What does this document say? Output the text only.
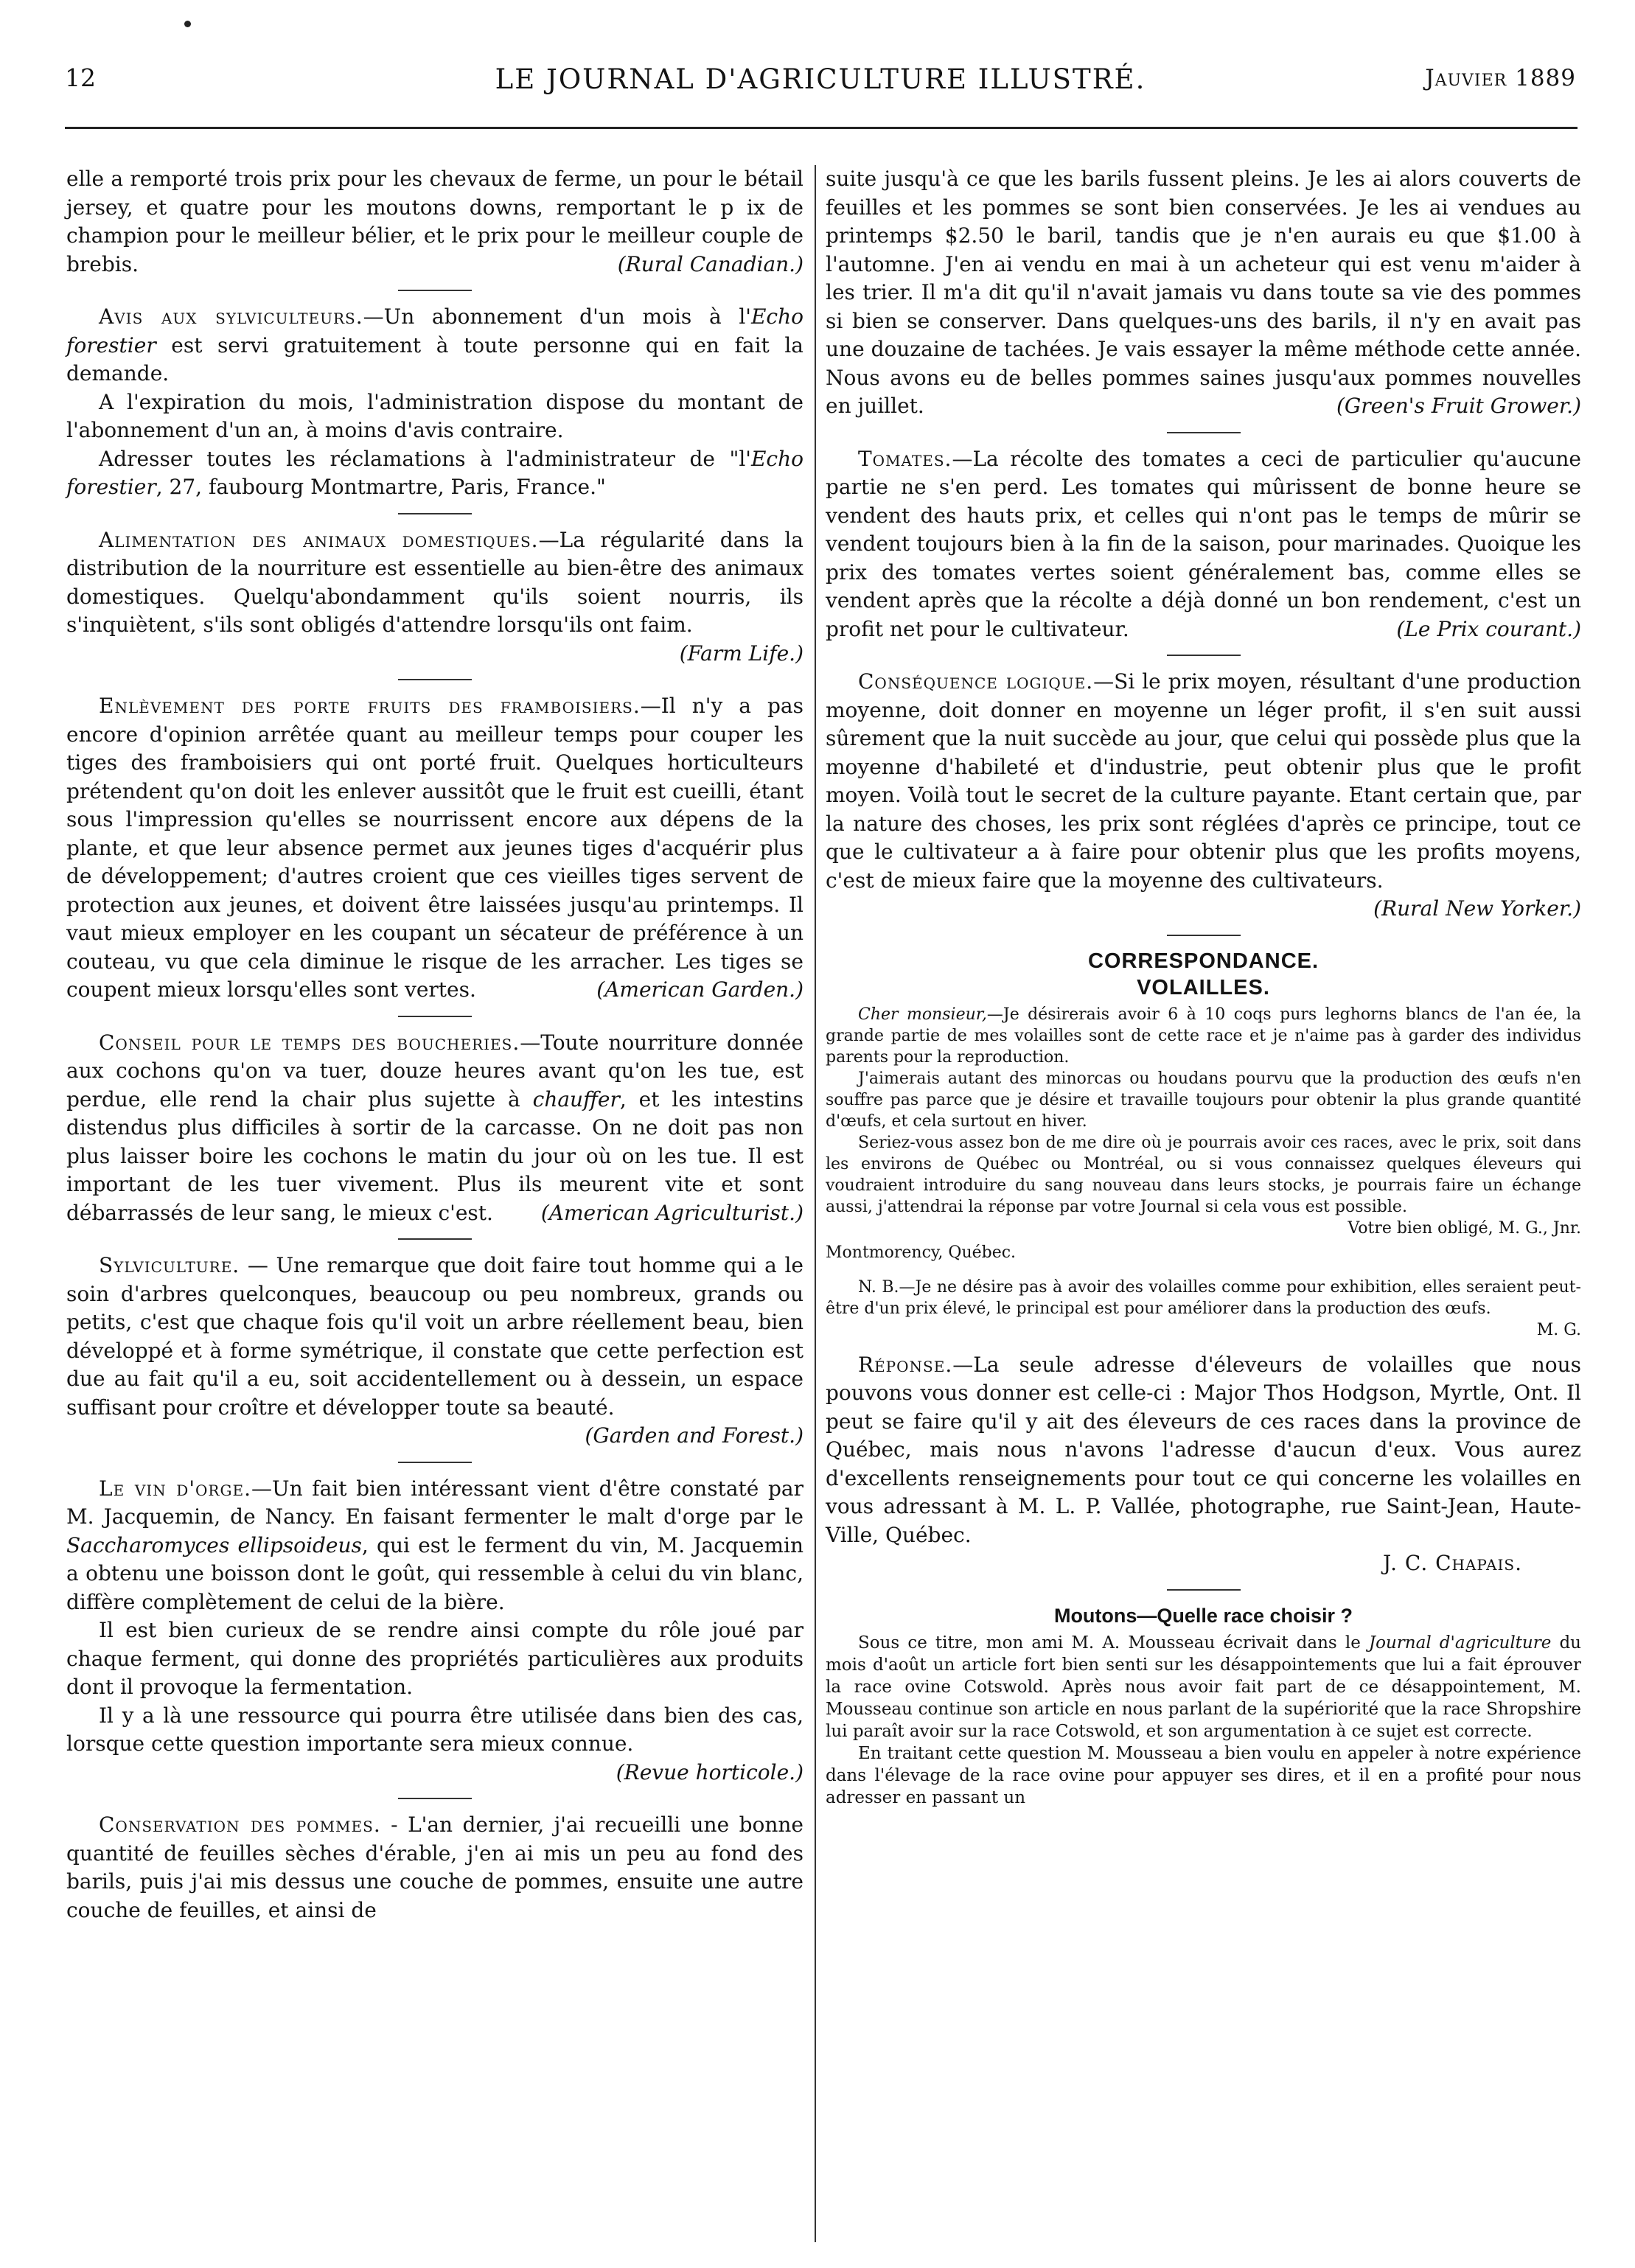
12	LE JOURNAL D'AGRICULTURE ILLUSTRÉ.	Jauvier 1889

elle a remporté trois prix pour les chevaux de ferme, un pour le bétail jersey, et quatre pour les moutons downs, remportant le p ix de champion pour le meilleur bélier, et le prix pour le meilleur couple de brebis.	(Rural Canadian.)

Avis aux sylviculteurs.—Un abonnement d'un mois à l'Echo forestier est servi gratuitement à toute personne qui en fait la demande.

A l'expiration du mois, l'administration dispose du montant de l'abonnement d'un an, à moins d'avis contraire.

Adresser toutes les réclamations à l'administrateur de "l'Echo forestier, 27, faubourg Montmartre, Paris, France."

Alimentation des animaux domestiques.—La régularité dans la distribution de la nourriture est essentielle au bien-être des animaux domestiques. Quelqu'abondamment qu'ils soient nourris, ils s'inquiètent, s'ils sont obligés d'attendre lorsqu'ils ont faim.
(Farm Life.)

Enlèvement des porte fruits des framboisiers.—Il n'y a pas encore d'opinion arrêtée quant au meilleur temps pour couper les tiges des framboisiers qui ont porté fruit. Quelques horticulteurs prétendent qu'on doit les enlever aussitôt que le fruit est cueilli, étant sous l'impression qu'elles se nourrissent encore aux dépens de la plante, et que leur absence permet aux jeunes tiges d'acquérir plus de développement; d'autres croient que ces vieilles tiges servent de protection aux jeunes, et doivent être laissées jusqu'au printemps. Il vaut mieux employer en les coupant un sécateur de préférence à un couteau, vu que cela diminue le risque de les arracher. Les tiges se coupent mieux lorsqu'elles sont vertes.	(American Garden.)

Conseil pour le temps des boucheries.—Toute nourriture donnée aux cochons qu'on va tuer, douze heures avant qu'on les tue, est perdue, elle rend la chair plus sujette à chauffer, et les intestins distendus plus difficiles à sortir de la carcasse. On ne doit pas non plus laisser boire les cochons le matin du jour où on les tue. Il est important de les tuer vivement. Plus ils meurent vite et sont débarrassés de leur sang, le mieux c'est.	(American Agriculturist.)

Sylviculture. — Une remarque que doit faire tout homme qui a le soin d'arbres quelconques, beaucoup ou peu nombreux, grands ou petits, c'est que chaque fois qu'il voit un arbre réellement beau, bien développé et à forme symétrique, il constate que cette perfection est due au fait qu'il a eu, soit accidentellement ou à dessein, un espace suffisant pour croître et développer toute sa beauté.

(Garden and Forest.)

Le vin d'orge.—Un fait bien intéressant vient d'être constaté par M. Jacquemin, de Nancy. En faisant fermenter le malt d'orge par le Saccharomyces ellipsoideus, qui est le ferment du vin, M. Jacquemin a obtenu une boisson dont le goût, qui ressemble à celui du vin blanc, diffère complètement de celui de la bière.

Il est bien curieux de se rendre ainsi compte du rôle joué par chaque ferment, qui donne des propriétés particulières aux produits dont il provoque la fermentation.

Il y a là une ressource qui pourra être utilisée dans bien des cas, lorsque cette question importante sera mieux connue.

(Revue horticole.)

Conservation des pommes. - L'an dernier, j'ai recueilli une bonne quantité de feuilles sèches d'érable, j'en ai mis un peu au fond des barils, puis j'ai mis dessus une couche de pommes, ensuite une autre couche de feuilles, et ainsi de

suite jusqu'à ce que les barils fussent pleins. Je les ai alors couverts de feuilles et les pommes se sont bien conservées. Je les ai vendues au printemps $2.50 le baril, tandis que je n'en aurais eu que $1.00 à l'automne. J'en ai vendu en mai à un acheteur qui est venu m'aider à les trier. Il m'a dit qu'il n'avait jamais vu dans toute sa vie des pommes si bien se conserver. Dans quelques-uns des barils, il n'y en avait pas une douzaine de tachées. Je vais essayer la même méthode cette année. Nous avons eu de belles pommes saines jusqu'aux pommes nouvelles en juillet.	(Green's Fruit Grower.)

Tomates.—La récolte des tomates a ceci de particulier qu'aucune partie ne s'en perd. Les tomates qui mûrissent de bonne heure se vendent des hauts prix, et celles qui n'ont pas le temps de mûrir se vendent toujours bien à la fin de la saison, pour marinades. Quoique les prix des tomates vertes soient généralement bas, comme elles se vendent après que la récolte a déjà donné un bon rendement, c'est un profit net pour le cultivateur.	(Le Prix courant.)

Conséquence logique.—Si le prix moyen, résultant d'une production moyenne, doit donner en moyenne un léger profit, il s'en suit aussi sûrement que la nuit succède au jour, que celui qui possède plus que la moyenne d'habileté et d'industrie, peut obtenir plus que le profit moyen. Voilà tout le secret de la culture payante. Etant certain que, par la nature des choses, les prix sont réglées d'après ce principe, tout ce que le cultivateur a à faire pour obtenir plus que les profits moyens, c'est de mieux faire que la moyenne des cultivateurs.

(Rural New Yorker.)

CORRESPONDANCE.
VOLAILLES.

Cher monsieur,—Je désirerais avoir 6 à 10 coqs purs leghorns blancs de l'an ée, la grande partie de mes volailles sont de cette race et je n'aime pas à garder des individus parents pour la reproduction.

J'aimerais autant des minorcas ou houdans pourvu que la production des œufs n'en souffre pas parce que je désire et travaille toujours pour obtenir la plus grande quantité d'œufs, et cela surtout en hiver.

Seriez-vous assez bon de me dire où je pourrais avoir ces races, avec le prix, soit dans les environs de Québec ou Montréal, ou si vous connaissez quelques éleveurs qui voudraient introduire du sang nouveau dans leurs stocks, je pourrais faire un échange aussi, j'attendrai la réponse par votre Journal si cela vous est possible.

Votre bien obligé, M. G., Jnr.

Montmorency, Québec.

N. B.—Je ne désire pas à avoir des volailles comme pour exhibition, elles seraient peut-être d'un prix élevé, le principal est pour améliorer dans la production des œufs.

M. G.

Réponse.—La seule adresse d'éleveurs de volailles que nous pouvons vous donner est celle-ci : Major Thos Hodgson, Myrtle, Ont. Il peut se faire qu'il y ait des éleveurs de ces races dans la province de Québec, mais nous n'avons l'adresse d'aucun d'eux. Vous aurez d'excellents renseignements pour tout ce qui concerne les volailles en vous adressant à M. L. P. Vallée, photographe, rue Saint-Jean, Haute-Ville, Québec.

J. C. Chapais.

Moutons—Quelle race choisir ?

Sous ce titre, mon ami M. A. Mousseau écrivait dans le Journal d'agriculture du mois d'août un article fort bien senti sur les désappointements que lui a fait éprouver la race ovine Cotswold. Après nous avoir fait part de ce désappointement, M. Mousseau continue son article en nous parlant de la supériorité que la race Shropshire lui paraît avoir sur la race Cotswold, et son argumentation à ce sujet est correcte.

En traitant cette question M. Mousseau a bien voulu en appeler à notre expérience dans l'élevage de la race ovine pour appuyer ses dires, et il en a profité pour nous adresser en passant un
